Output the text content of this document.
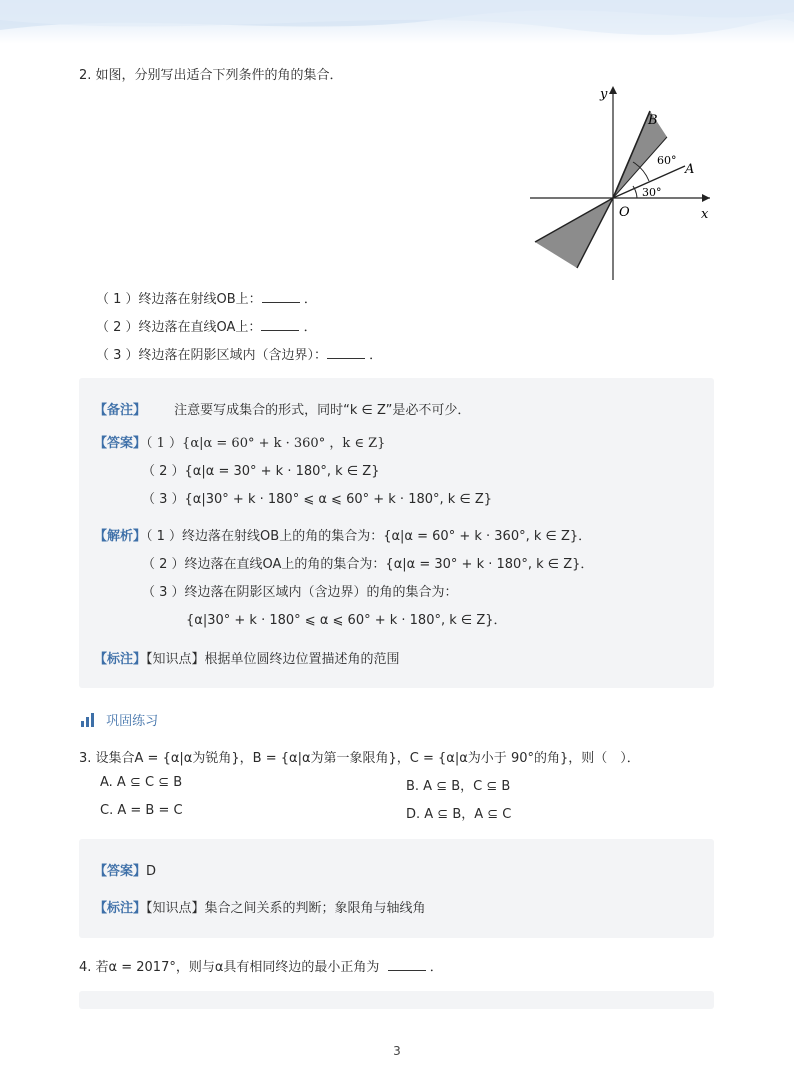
2. 如图，分别写出适合下列条件的角的集合．
y
x
O
B
A
60°
30°
（ 1 ）终边落在射线OB上：	．
（ 2 ）终边落在直线OA上：	．
（ 3 ）终边落在阴影区域内（含边界）：	．
【备注】 注意要写成集合的形式，同时“k ∈ Z”是必不可少．
【答案】（ 1 ）{α|α = 60° + k · 360° ，k ∈ Z}
（ 2 ）{α|α = 30° + k · 180°, k ∈ Z}
（ 3 ）{α|30° + k · 180° ⩽ α ⩽ 60° + k · 180°, k ∈ Z}
【解析】（ 1 ）终边落在射线OB上的角的集合为：{α|α = 60° + k · 360°, k ∈ Z}．
（ 2 ）终边落在直线OA上的角的集合为：{α|α = 30° + k · 180°, k ∈ Z}．
（ 3 ）终边落在阴影区域内（含边界）的角的集合为：
{α|30° + k · 180° ⩽ α ⩽ 60° + k · 180°, k ∈ Z}．
【标注】【知识点】根据单位圆终边位置描述角的范围
巩固练习
3. 设集合A = {α|α为锐角}，B = {α|α为第一象限角}，C = {α|α为小于 90°的角}，则（　）．
A. A ⊆ C ⊆ B	B. A ⊆ B，C ⊆ B
C. A = B = C	D. A ⊆ B，A ⊆ C
【答案】D
【标注】【知识点】集合之间关系的判断；象限角与轴线角
4. 若α = 2017°，则与α具有相同终边的最小正角为	．
3
